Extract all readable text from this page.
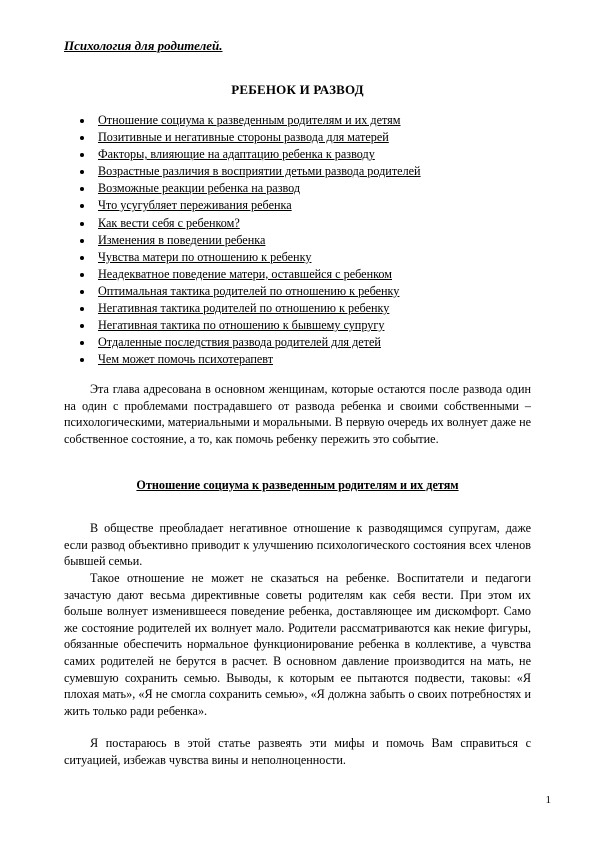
Психология для родителей.
РЕБЕНОК И РАЗВОД
Отношение социума к разведенным родителям и их детям
Позитивные и негативные стороны развода для матерей
Факторы, влияющие на адаптацию ребенка к разводу
Возрастные различия в восприятии детьми развода родителей
Возможные реакции ребенка на развод
Что усугубляет переживания ребенка
Как вести себя с ребенком?
Изменения в поведении ребенка
Чувства матери по отношению к ребенку
Неадекватное поведение матери, оставшейся с ребенком
Оптимальная тактика родителей по отношению к ребенку
Негативная тактика родителей по отношению к ребенку
Негативная тактика по отношению к бывшему супругу
Отдаленные последствия развода родителей для детей
Чем может помочь психотерапевт

Эта глава адресована в основном женщинам, которые остаются после развода один на один с проблемами пострадавшего от развода ребенка и своими собственными – психологическими, материальными и моральными. В первую очередь их волнует даже не собственное состояние, а то, как помочь ребенку пережить это событие.

Отношение социума к разведенным родителям и их детям

В обществе преобладает негативное отношение к разводящимся супругам, даже если развод объективно приводит к улучшению психологического состояния всех членов бывшей семьи.

Такое отношение не может не сказаться на ребенке. Воспитатели и педагоги зачастую дают весьма директивные советы родителям как себя вести. При этом их больше волнует изменившееся поведение ребенка, доставляющее им дискомфорт. Само же состояние родителей их волнует мало. Родители рассматриваются как некие фигуры, обязанные обеспечить нормальное функционирование ребенка в коллективе, а чувства самих родителей не берутся в расчет. В основном давление производится на мать, не сумевшую сохранить семью. Выводы, к которым ее пытаются подвести, таковы: «Я плохая мать», «Я не смогла сохранить семью», «Я должна забыть о своих потребностях и жить только ради ребенка».

Я постараюсь в этой статье развеять эти мифы и помочь Вам справиться с ситуацией, избежав чувства вины и неполноценности.

1
